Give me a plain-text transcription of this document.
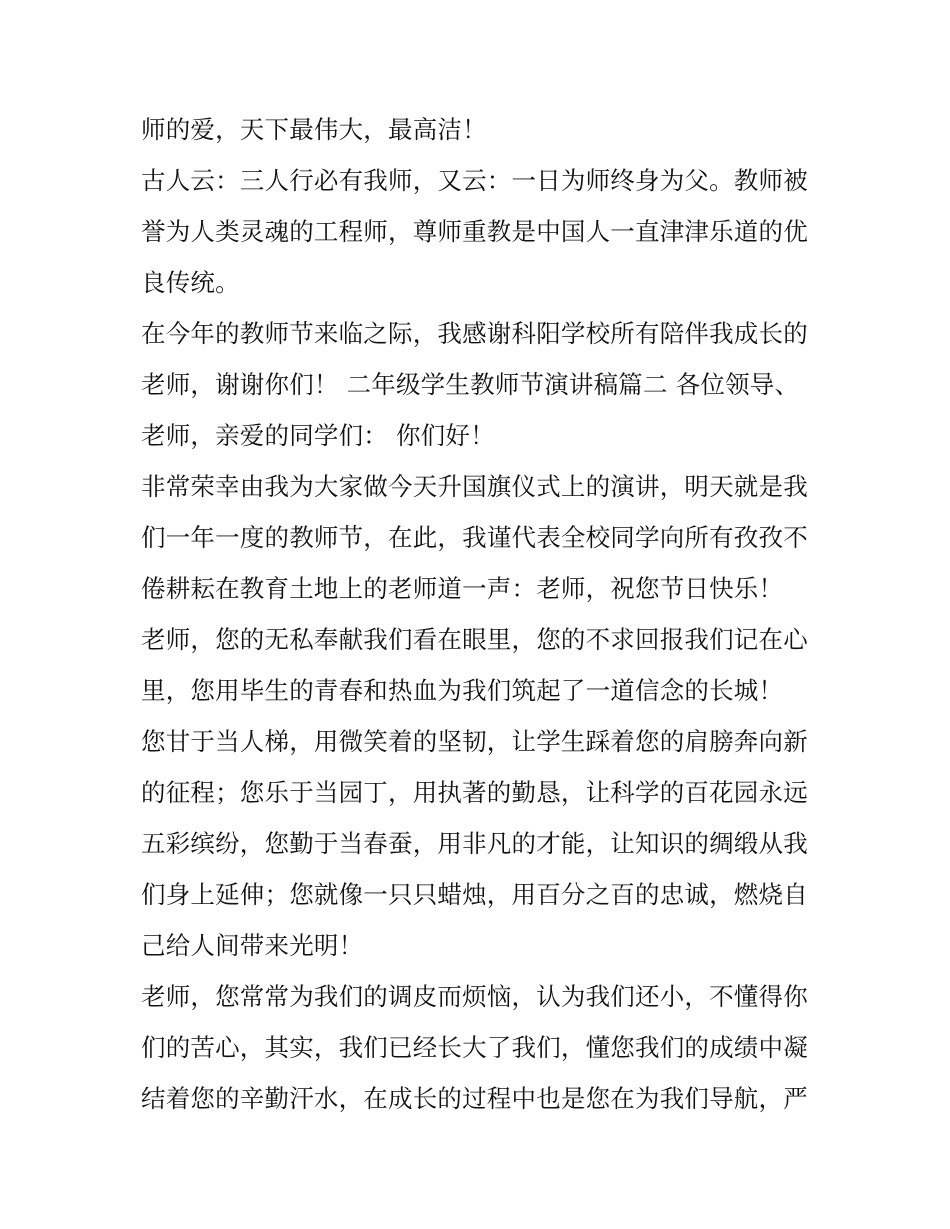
师的爱，天下最伟大，最高洁！
古人云：三人行必有我师，又云：一日为师终身为父。教师被
誉为人类灵魂的工程师，尊师重教是中国人一直津津乐道的优
良传统。
在今年的教师节来临之际，我感谢科阳学校所有陪伴我成长的
老师，谢谢你们！ 二年级学生教师节演讲稿篇二 各位领导、
老师，亲爱的同学们： 你们好！
非常荣幸由我为大家做今天升国旗仪式上的演讲，明天就是我
们一年一度的教师节，在此，我谨代表全校同学向所有孜孜不
倦耕耘在教育土地上的老师道一声：老师，祝您节日快乐！
老师，您的无私奉献我们看在眼里，您的不求回报我们记在心
里，您用毕生的青春和热血为我们筑起了一道信念的长城！
您甘于当人梯，用微笑着的坚韧，让学生踩着您的肩膀奔向新
的征程；您乐于当园丁，用执著的勤恳，让科学的百花园永远
五彩缤纷，您勤于当春蚕，用非凡的才能，让知识的绸缎从我
们身上延伸；您就像一只只蜡烛，用百分之百的忠诚，燃烧自
己给人间带来光明！
老师，您常常为我们的调皮而烦恼，认为我们还小，不懂得你
们的苦心，其实，我们已经长大了我们，懂您我们的成绩中凝
结着您的辛勤汗水，在成长的过程中也是您在为我们导航，严
